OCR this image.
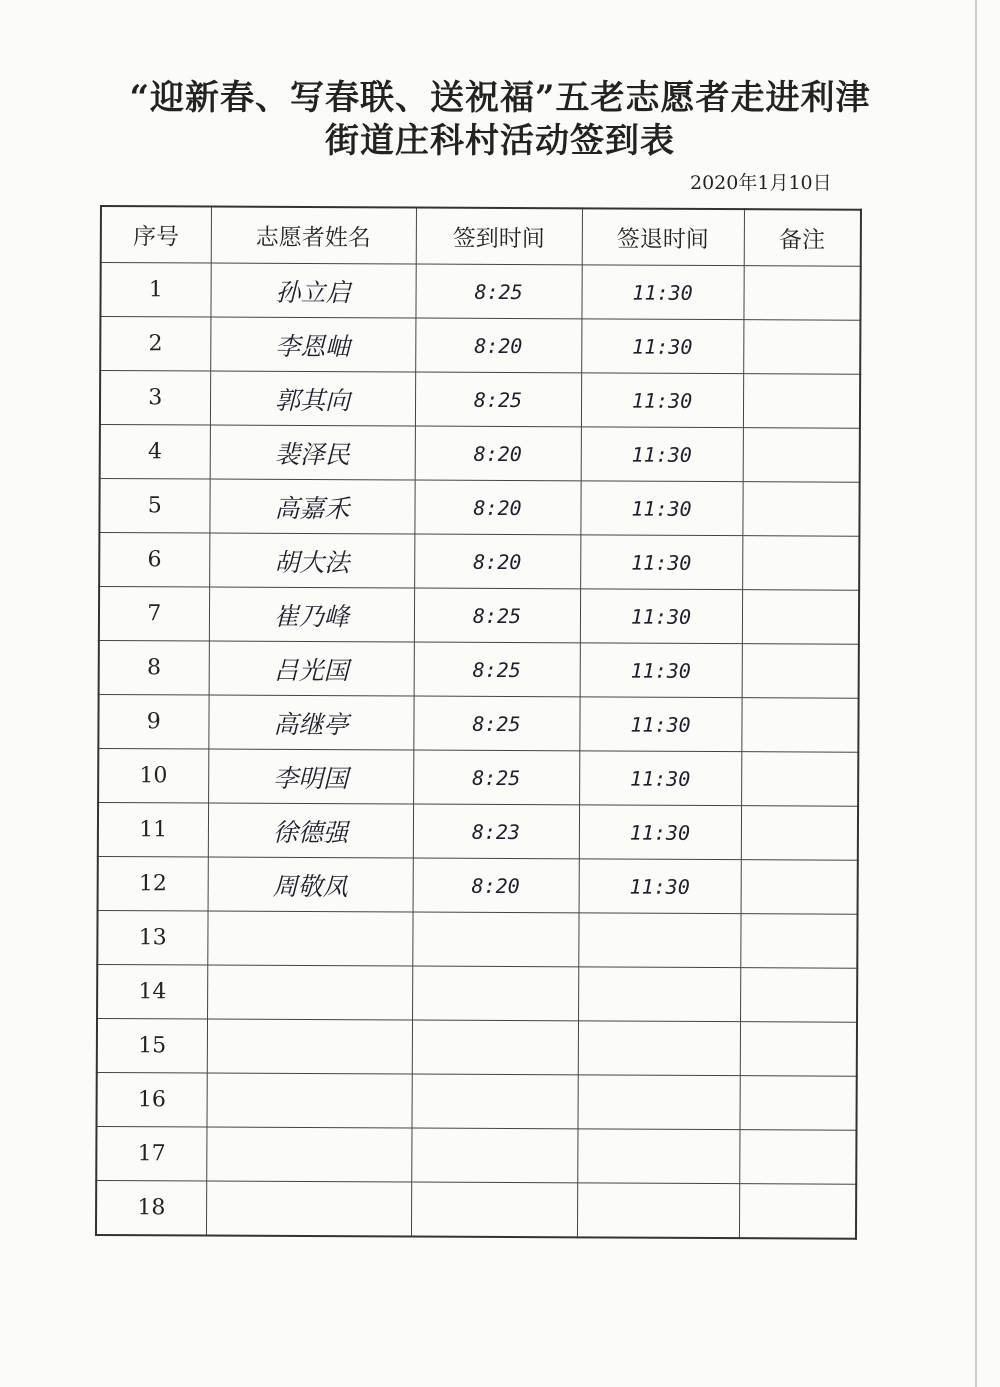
“迎新春、写春联、送祝福”五老志愿者走进利津
街道庄科村活动签到表
2020年1月10日
序号	志愿者姓名	签到时间	签退时间	备注
1	孙立启	8:25	11:30	
2	李恩岫	8:20	11:30	
3	郭其向	8:25	11:30	
4	裴泽民	8:20	11:30	
5	高嘉禾	8:20	11:30	
6	胡大法	8:20	11:30	
7	崔乃峰	8:25	11:30	
8	吕光国	8:25	11:30	
9	高继亭	8:25	11:30	
10	李明国	8:25	11:30	
11	徐德强	8:23	11:30	
12	周敬凤	8:20	11:30	
13				
14				
15				
16				
17				
18				
